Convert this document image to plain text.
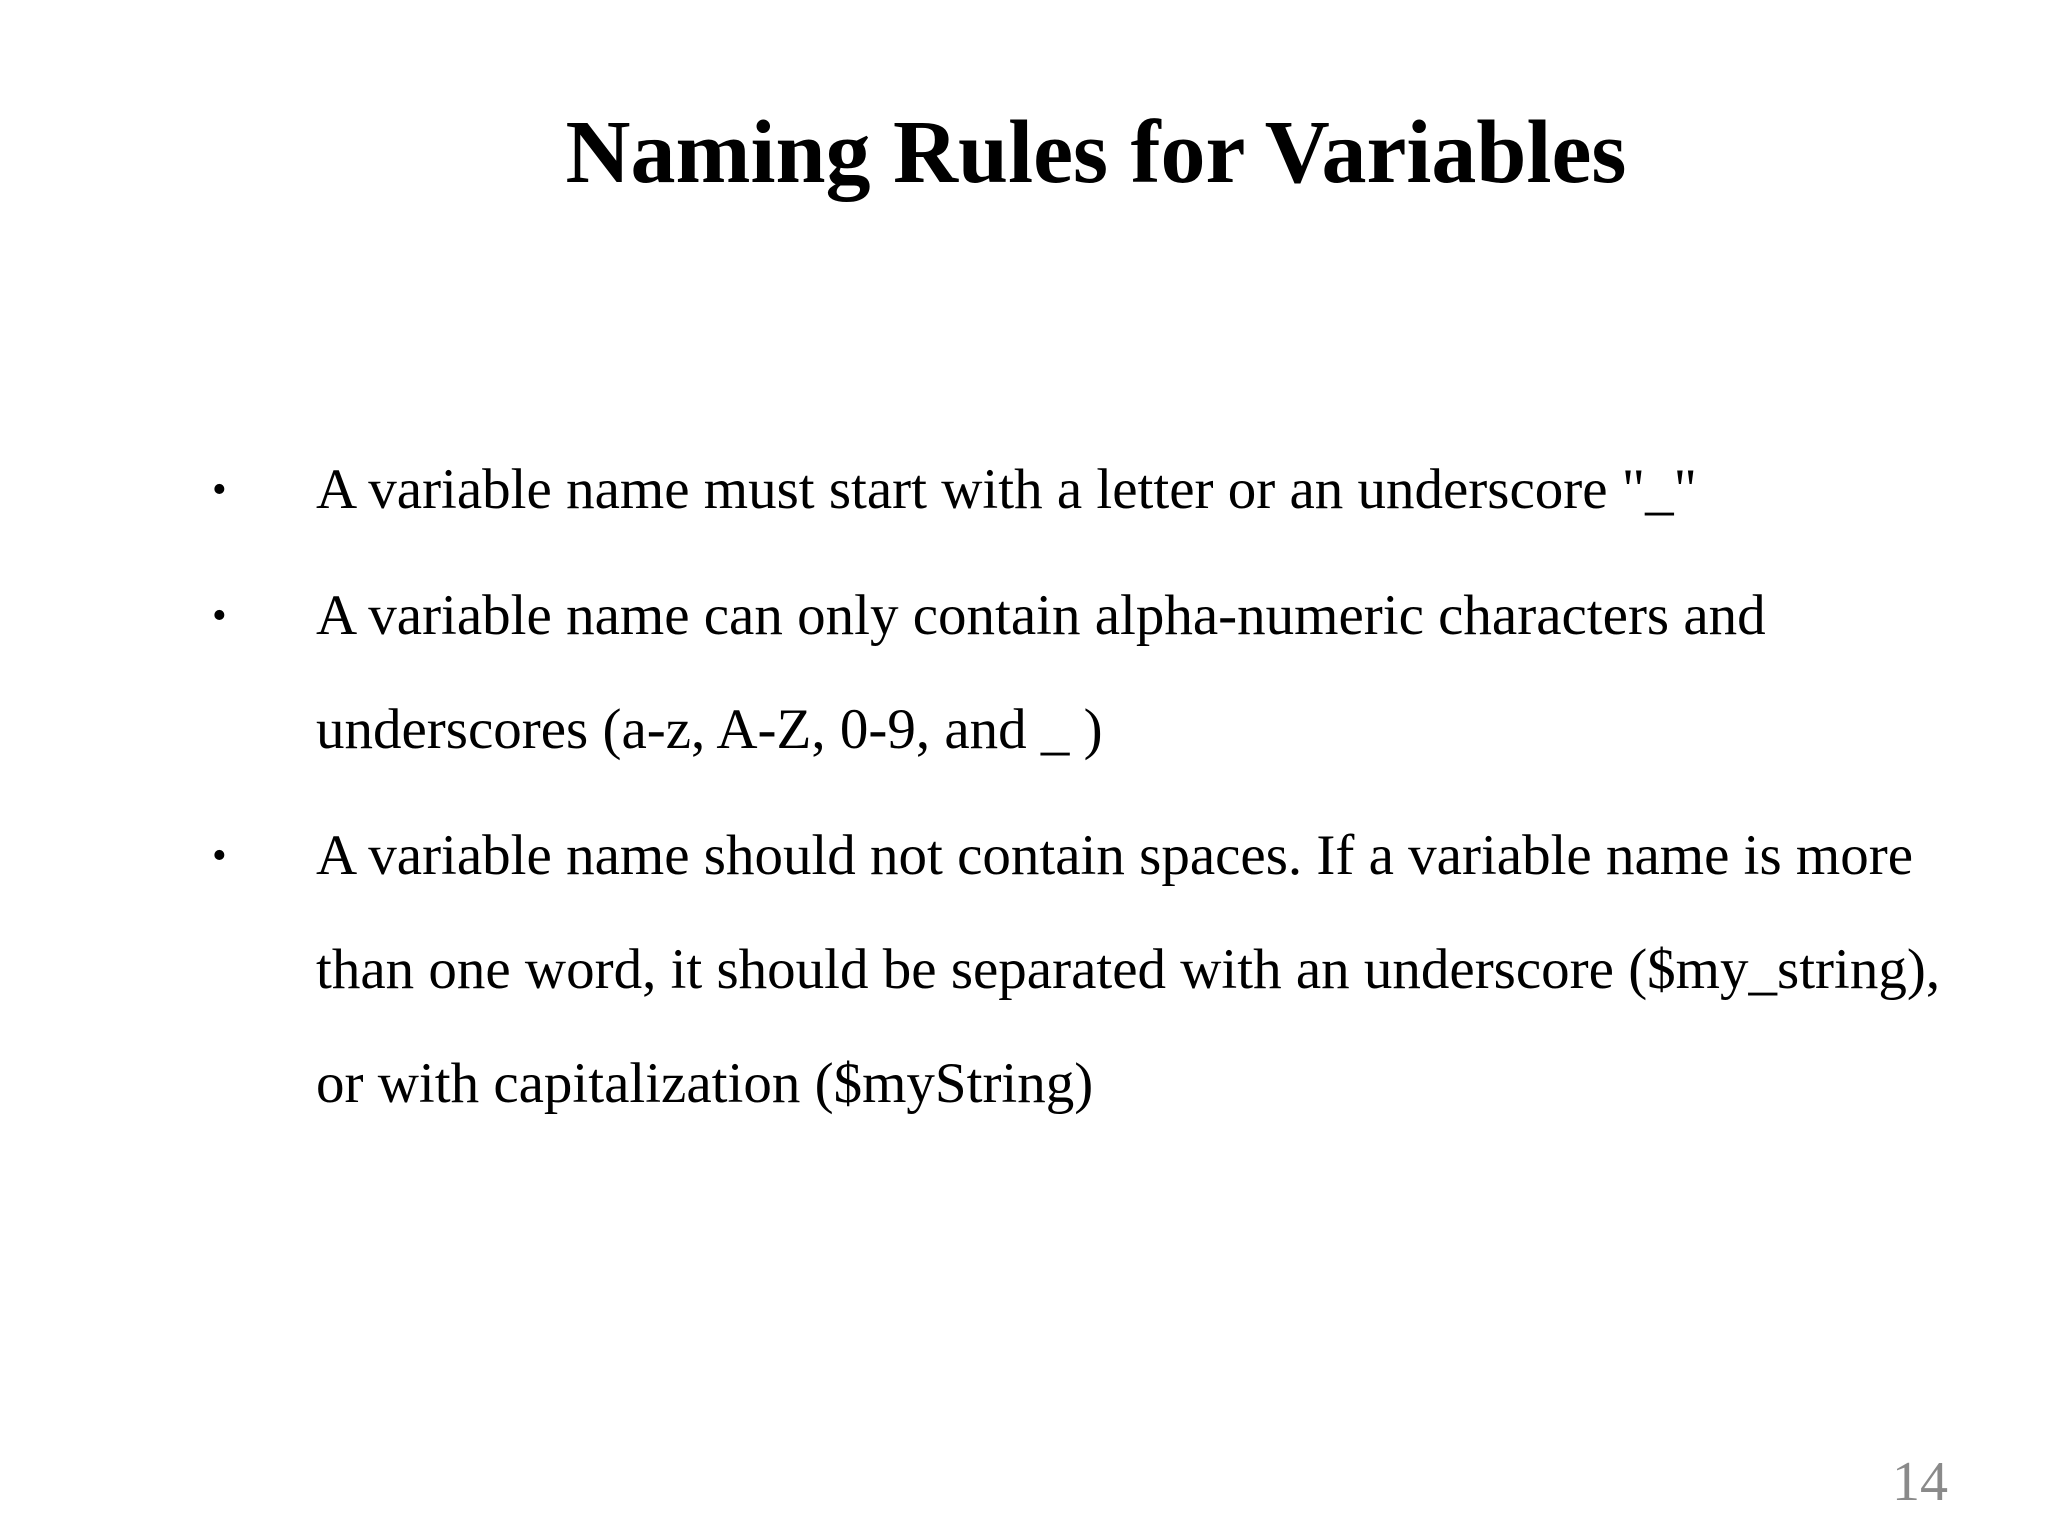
Naming Rules for Variables
• A variable name must start with a letter or an underscore "_"
• A variable name can only contain alpha-numeric characters and underscores (a-z, A-Z, 0-9, and _ )
• A variable name should not contain spaces. If a variable name is more than one word, it should be separated with an underscore ($my_string), or with capitalization ($myString)
14
